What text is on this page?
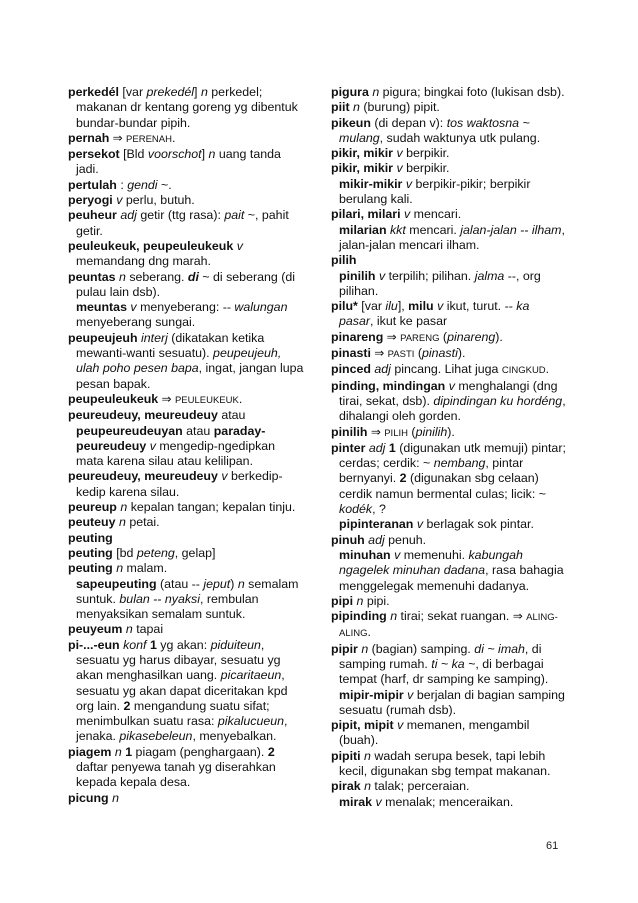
perkedél [var prekedél] n perkedel; makanan dr kentang goreng yg dibentuk bundar-bundar pipih.

pernah ⇒ PERENAH.

persekot [Bld voorschot] n uang tanda jadi.

pertulah : gendi ~.

peryogi v perlu, butuh.

peuheur adj getir (ttg rasa): pait ~, pahit getir.

peuleukeuk, peupeuleukeuk v memandang dng marah.

peuntas n seberang. di ~ di seberang (di pulau lain dsb).

meuntas v menyeberang: -- walungan menyeberang sungai.

peupeujeuh interj (dikatakan ketika mewanti-wanti sesuatu). peupeujeuh, ulah poho pesen bapa, ingat, jangan lupa pesan bapak.

peupeuleukeuk ⇒ PEULEUKEUK.

peureudeuy, meureudeuy atau peupeureudeuyan atau paraday-peureudeuy v mengedip-ngedipkan mata karena silau atau kelilipan.

peureudeuy, meureudeuy v berkedip-kedip karena silau.

peureup n kepalan tangan; kepalan tinju.

peuteuy n petai.

peuting

peuting [bd peteng, gelap]

peuting n malam.

sapeupeuting (atau -- jeput) n semalam suntuk. bulan -- nyaksi, rembulan menyaksikan semalam suntuk.

peuyeum n tapai

pi-...-eun konf 1 yg akan: piduiteun, sesuatu yg harus dibayar, sesuatu yg akan menghasilkan uang. picaritaeun, sesuatu yg akan dapat diceritakan kpd org lain. 2 mengandung suatu sifat; menimbulkan suatu rasa: pikalucueun, jenaka. pikasebeleun, menyebalkan.

piagem n 1 piagam (penghargaan). 2 daftar penyewa tanah yg diserahkan kepada kepala desa.

picung n

pigura n pigura; bingkai foto (lukisan dsb).

piit n (burung) pipit.

pikeun (di depan v): tos waktosna ~ mulang, sudah waktunya utk pulang.

pikir, mikir v berpikir.

pikir, mikir v berpikir.

mikir-mikir v berpikir-pikir; berpikir berulang kali.

pilari, milari v mencari.

milarian kkt mencari. jalan-jalan -- ilham, jalan-jalan mencari ilham.

pilih

pinilih v terpilih; pilihan. jalma --, org pilihan.

pilu* [var ilu], milu v ikut, turut. -- ka pasar, ikut ke pasar

pinareng ⇒ PARENG (pinareng).

pinasti ⇒ PASTI (pinasti).

pinced adj pincang. Lihat juga CINGKUD.

pinding, mindingan v menghalangi (dng tirai, sekat, dsb). dipindingan ku hordéng, dihalangi oleh gorden.

pinilih ⇒ PILIH (pinilih).

pinter adj 1 (digunakan utk memuji) pintar; cerdas; cerdik: ~ nembang, pintar bernyanyi. 2 (digunakan sbg celaan) cerdik namun bermental culas; licik: ~ kodék, ?

pipinteranan v berlagak sok pintar.

pinuh adj penuh.

minuhan v memenuhi. kabungah ngagelek minuhan dadana, rasa bahagia menggelegak memenuhi dadanya.

pipi n pipi.

pipinding n tirai; sekat ruangan. ⇒ ALING-ALING.

pipir n (bagian) samping. di ~ imah, di samping rumah. ti ~ ka ~, di berbagai tempat (harf, dr samping ke samping).

mipir-mipir v berjalan di bagian samping sesuatu (rumah dsb).

pipit, mipit v memanen, mengambil (buah).

pipiti n wadah serupa besek, tapi lebih kecil, digunakan sbg tempat makanan.

pirak n talak; perceraian.

mirak v menalak; menceraikan.

61
